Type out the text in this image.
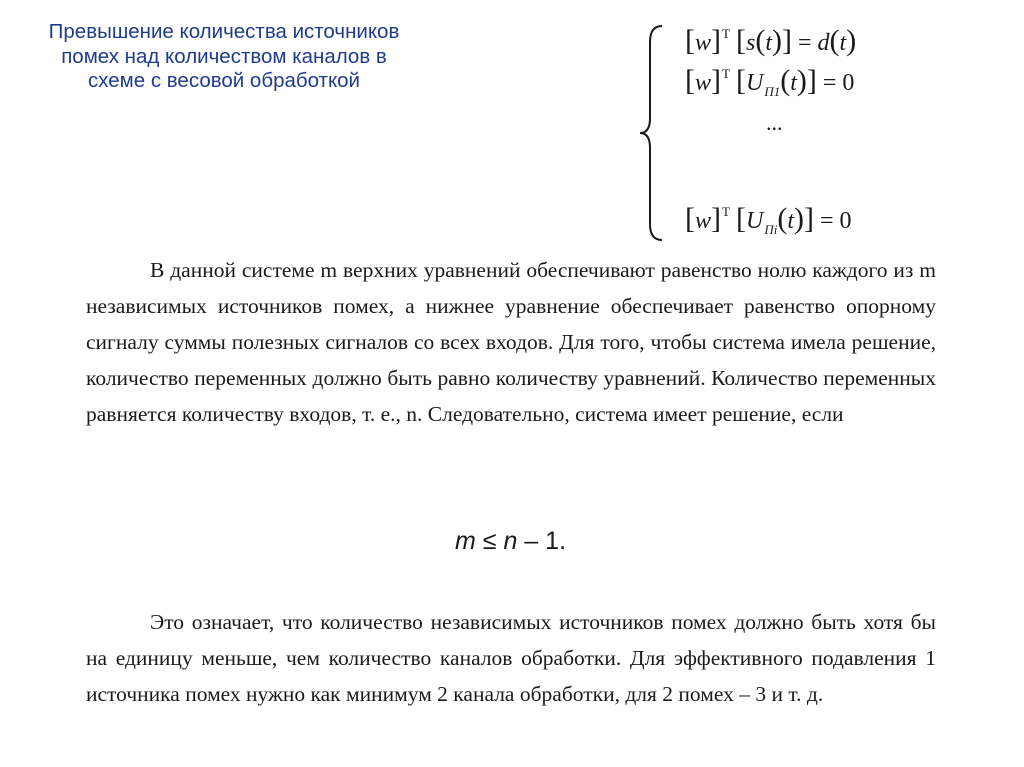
Превышение количества источников помех над количеством каналов в схеме с весовой обработкой
$[w]^T$ [s(t)] = d(t)
$[w]^T$ $[U_{П1}(t)] = 0$
...
$[w]^T$ $[U_{Пi}(t)] = 0$

В данной системе m верхних уравнений обеспечивают равенство нолю каждого из m независимых источников помех, а нижнее уравнение обеспечивает равенство опорному сигналу суммы полезных сигналов со всех входов. Для того, чтобы система имела решение, количество переменных должно быть равно количеству уравнений. Количество переменных равняется количеству входов, т. е., n. Следовательно, система имеет решение, если

m ≤ n – 1.

Это означает, что количество независимых источников помех должно быть хотя бы на единицу меньше, чем количество каналов обработки. Для эффективного подавления 1 источника помех нужно как минимум 2 канала обработки, для 2 помех – 3 и т. д.
